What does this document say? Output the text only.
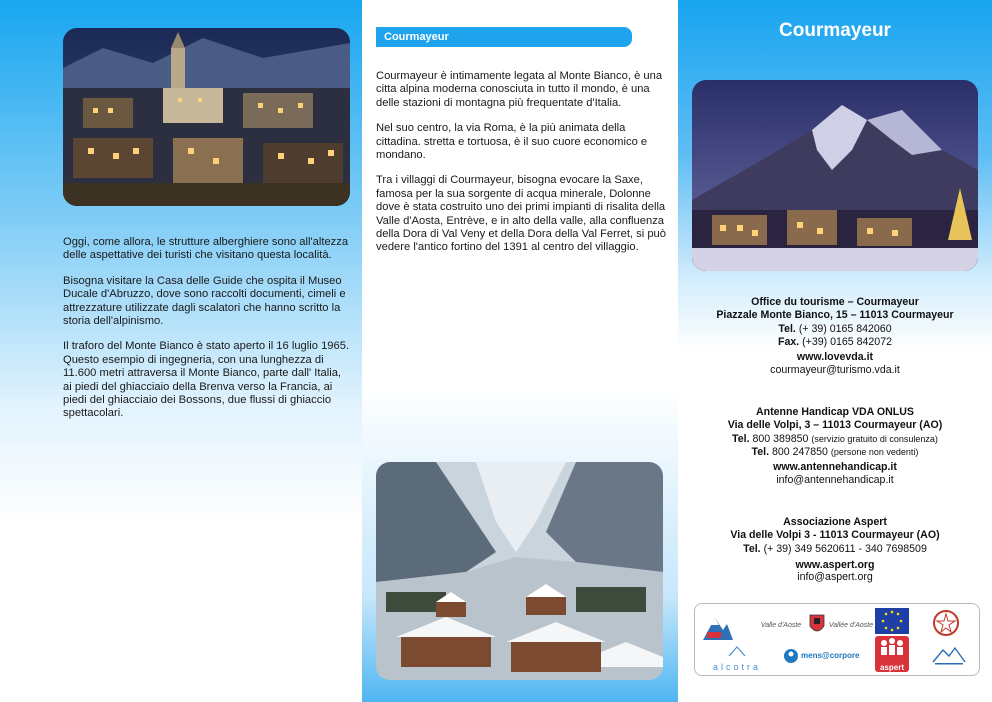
Oggi, come allora, le strutture alberghiere sono all'altezza delle aspettative dei turisti che visitano questa località.

Bisogna visitare la Casa delle Guide che ospita il Museo Ducale d'Abruzzo, dove sono raccolti documenti, cimeli e attrezzature utilizzate dagli scalatori che hanno scritto la storia dell'alpinismo.

Il traforo del Monte Bianco è stato aperto il 16 luglio 1965. Questo esempio di ingegneria, con una lunghezza di 11.600 metri attraversa il Monte Bianco, parte dall' Italia, ai piedi del ghiacciaio della Brenva verso la Francia, ai piedi del ghiacciaio dei Bossons, due flussi di ghiaccio spettacolari.

Courmayeur

Courmayeur è intimamente legata al Monte Bianco, è una citta alpina moderna conosciuta in tutto il mondo, è una delle stazioni di montagna più frequentate d'Italia.

Nel suo centro, la via Roma, è la più animata della cittadina. stretta e tortuosa, è il suo cuore economico e mondano.

Tra i villaggi di Courmayeur, bisogna evocare la Saxe, famosa per la sua sorgente di acqua minerale, Dolonne dove è stata costruito uno dei primi impianti di risalita della Valle d'Aosta, Entrève, e in alto della valle, alla confluenza della Dora di Val Veny et della Dora della Val Ferret, si può vedere l'antico fortino del 1391 al centro del villaggio.

Courmayeur
Office du tourisme – Courmayeur
Piazzale Monte Bianco, 15 – 11013 Courmayeur
Tel. (+ 39) 0165 842060
Fax. (+39) 0165 842072
www.lovevda.it
courmayeur@turismo.vda.it
Antenne Handicap VDA ONLUS
Via delle Volpi, 3 – 11013 Courmayeur (AO)
Tel. 800 389850 (servizio gratuito di consulenza)
Tel. 800 247850 (persone non vedenti)
www.antennehandicap.it
info@antennehandicap.it
Associazione Aspert
Via delle Volpi 3 - 11013 Courmayeur (AO)
Tel. (+ 39) 349 5620611 - 340 7698509
www.aspert.org
info@aspert.org
Valle d'Aoste	Vallée d'Aoste
alcotra
mens@corpore
aspert
